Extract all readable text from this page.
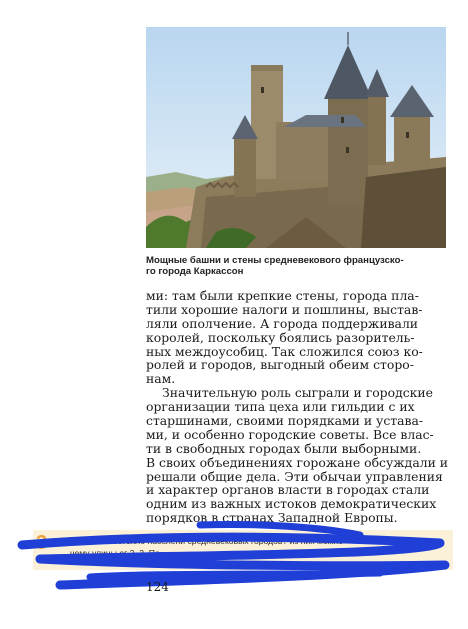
Мощные башни и стены средневекового французско-
го города Каркассон
ми: там были крепкие стены, города пла-
тили хорошие налоги и пошлины, выстав-
ляли ополчение. А города поддерживали
королей, поскольку боялись разоритель-
ных междоусобиц. Так сложился союз ко-
ролей и городов, выгодный обеим сторо-
нам.
Значительную роль сыграли и городские
организации типа цеха или гильдии с их
старшинами, своими порядками и устава-
ми, и особенно городские советы. Все влас-
ти в свободных городах были выборными.
В своих объединениях горожане обсуждали и
решали общие дела. Эти обычаи управления
и характер органов власти в городах стали
одним из важных истоков демократических
порядков в странах Западной Европы.
3	1 Из кого состояло населени средневековых городов? из них можно
чему улицы ег 2, 3. По-
и, с
124
